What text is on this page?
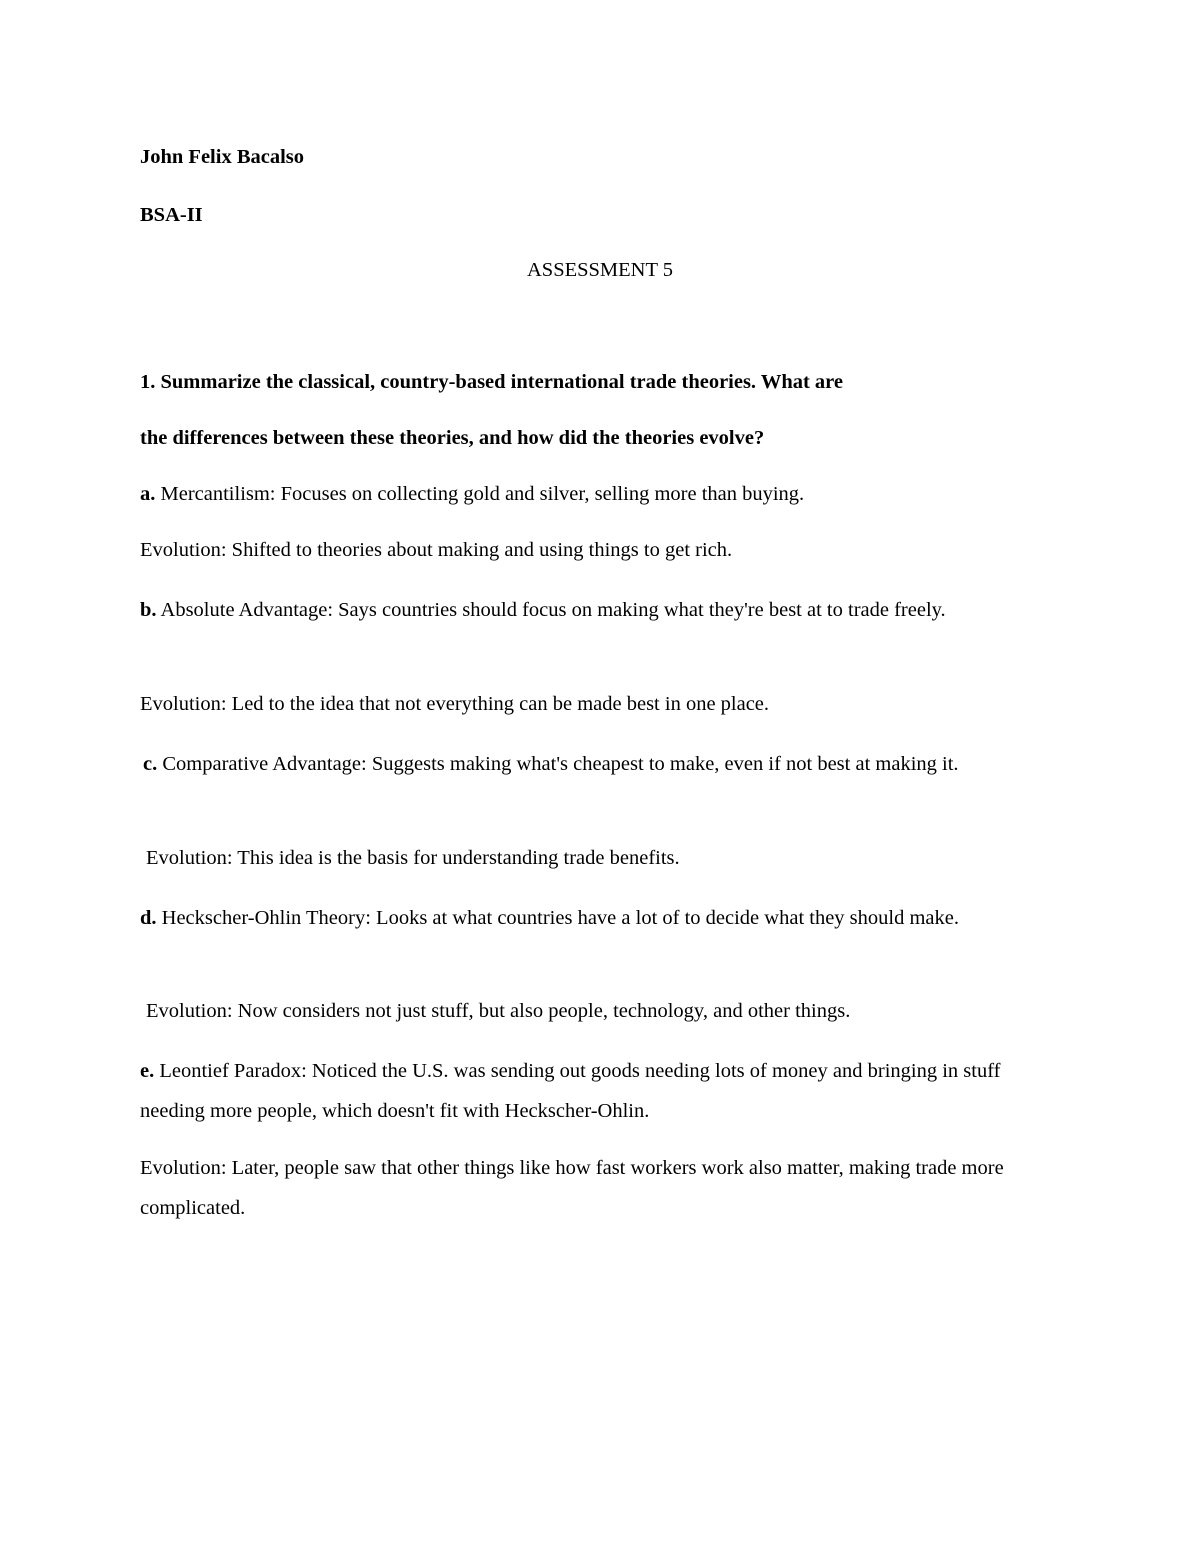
John Felix Bacalso

BSA-II

ASSESSMENT 5

1. Summarize the classical, country-based international trade theories. What are

the differences between these theories, and how did the theories evolve?

a. Mercantilism: Focuses on collecting gold and silver, selling more than buying.

Evolution: Shifted to theories about making and using things to get rich.

b. Absolute Advantage: Says countries should focus on making what they're best at to trade freely.

Evolution: Led to the idea that not everything can be made best in one place.

c. Comparative Advantage: Suggests making what's cheapest to make, even if not best at making it.

Evolution: This idea is the basis for understanding trade benefits.

d. Heckscher-Ohlin Theory: Looks at what countries have a lot of to decide what they should make.

Evolution: Now considers not just stuff, but also people, technology, and other things.

e. Leontief Paradox: Noticed the U.S. was sending out goods needing lots of money and bringing in stuff needing more people, which doesn't fit with Heckscher-Ohlin.

Evolution: Later, people saw that other things like how fast workers work also matter, making trade more complicated.
